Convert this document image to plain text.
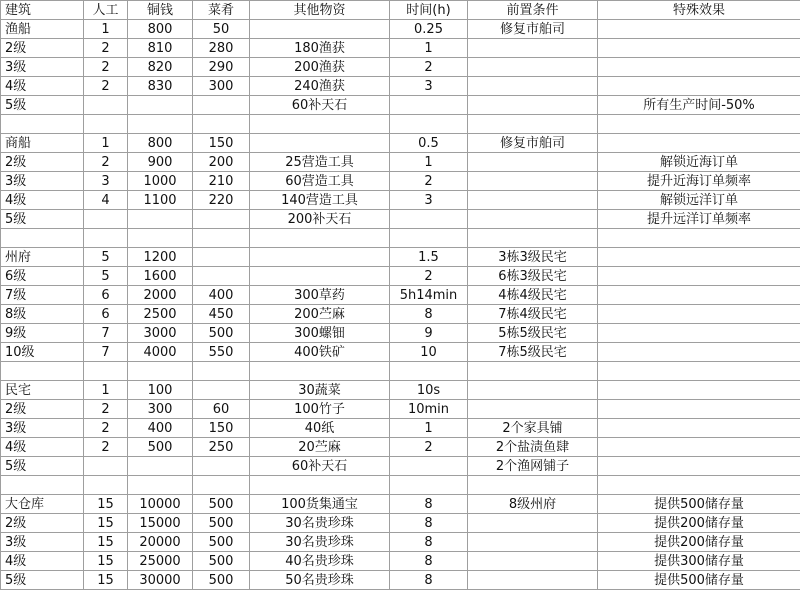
建筑	人工	铜钱	菜肴	其他物资	时间(h)	前置条件	特殊效果
渔船	1	800	50		0.25	修复市舶司	
2级	2	810	280	180渔获	1		
3级	2	820	290	200渔获	2		
4级	2	830	300	240渔获	3		
5级				60补天石			所有生产时间-50%

商船	1	800	150		0.5	修复市舶司	
2级	2	900	200	25营造工具	1		解锁近海订单
3级	3	1000	210	60营造工具	2		提升近海订单频率
4级	4	1100	220	140营造工具	3		解锁远洋订单
5级				200补天石			提升远洋订单频率

州府	5	1200			1.5	3栋3级民宅	
6级	5	1600			2	6栋3级民宅	
7级	6	2000	400	300草药	5h14min	4栋4级民宅	
8级	6	2500	450	200苎麻	8	7栋4级民宅	
9级	7	3000	500	300螺钿	9	5栋5级民宅	
10级	7	4000	550	400铁矿	10	7栋5级民宅	

民宅	1	100		30蔬菜	10s		
2级	2	300	60	100竹子	10min		
3级	2	400	150	40纸	1	2个家具铺	
4级	2	500	250	20苎麻	2	2个盐渍鱼肆	
5级				60补天石		2个渔网铺子	

大仓库	15	10000	500	100货集通宝	8	8级州府	提供500储存量
2级	15	15000	500	30名贵珍珠	8		提供200储存量
3级	15	20000	500	30名贵珍珠	8		提供200储存量
4级	15	25000	500	40名贵珍珠	8		提供300储存量
5级	15	30000	500	50名贵珍珠	8		提供500储存量
